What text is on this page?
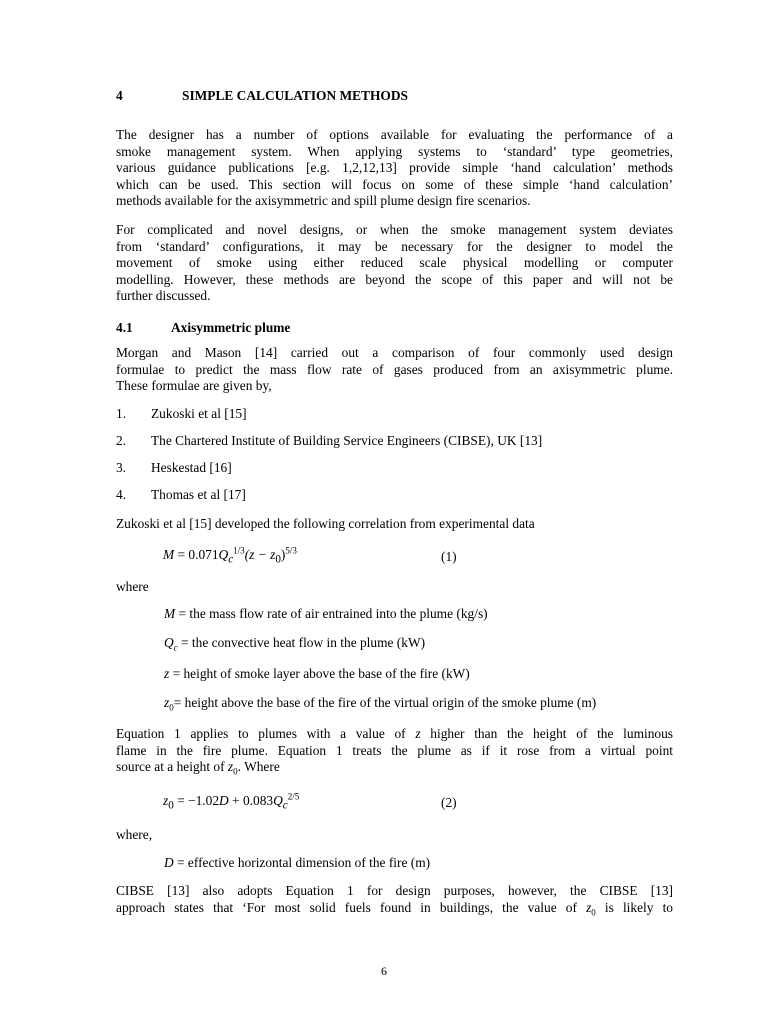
4	SIMPLE CALCULATION METHODS
The designer has a number of options available for evaluating the performance of a
smoke management system. When applying systems to ‘standard’ type geometries,
various guidance publications [e.g. 1,2,12,13] provide simple ‘hand calculation’ methods
which can be used. This section will focus on some of these simple ‘hand calculation’
methods available for the axisymmetric and spill plume design fire scenarios.
For complicated and novel designs, or when the smoke management system deviates
from ‘standard’ configurations, it may be necessary for the designer to model the
movement of smoke using either reduced scale physical modelling or computer
modelling. However, these methods are beyond the scope of this paper and will not be
further discussed.
4.1	Axisymmetric plume
Morgan and Mason [14] carried out a comparison of four commonly used design
formulae to predict the mass flow rate of gases produced from an axisymmetric plume.
These formulae are given by,
1. Zukoski et al [15]
2. The Chartered Institute of Building Service Engineers (CIBSE), UK [13]
3. Heskestad [16]
4. Thomas et al [17]
Zukoski et al [15] developed the following correlation from experimental data
$M = 0.071Q_c^{1/3}(z - z_0)^{5/3}$	(1)
where
M = the mass flow rate of air entrained into the plume (kg/s)
$Q_c$ = the convective heat flow in the plume (kW)
z = height of smoke layer above the base of the fire (kW)
$z_0=$ height above the base of the fire of the virtual origin of the smoke plume (m)
Equation 1 applies to plumes with a value of z higher than the height of the luminous
flame in the fire plume. Equation 1 treats the plume as if it rose from a virtual point
source at a height of $z_0$. Where
$z_0 = -1.02D + 0.083Q_c^{2/5}$	(2)
where,
D = effective horizontal dimension of the fire (m)
CIBSE [13] also adopts Equation 1 for design purposes, however, the CIBSE [13]
approach states that ‘For most solid fuels found in buildings, the value of $z_0$ is likely to
6
